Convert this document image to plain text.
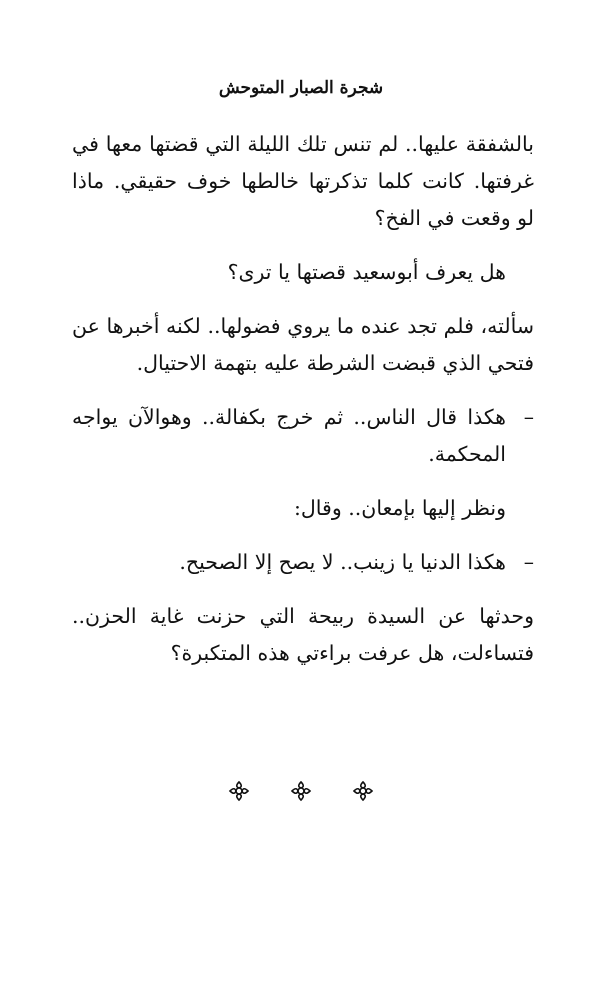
شجرة الصبار المتوحش

بالشفقة عليها.. لم تنس تلك الليلة التي قضتها معها في غرفتها. كانت كلما تذكرتها خالطها خوف حقيقي. ماذا لو وقعت في الفخ؟

هل يعرف أبوسعيد قصتها يا ترى؟

سألته، فلم تجد عنده ما يروي فضولها.. لكنه أخبرها عن فتحي الذي قبضت الشرطة عليه بتهمة الاحتيال.

–
هكذا قال الناس.. ثم خرج بكفالة.. وهوالآن يواجه المحكمة.

ونظر إليها بإمعان.. وقال:

–
هكذا الدنيا يا زينب.. لا يصح إلا الصحيح.

وحدثها عن السيدة ربيحة التي حزنت غاية الحزن.. فتساءلت، هل عرفت براءتي هذه المتكبرة؟
